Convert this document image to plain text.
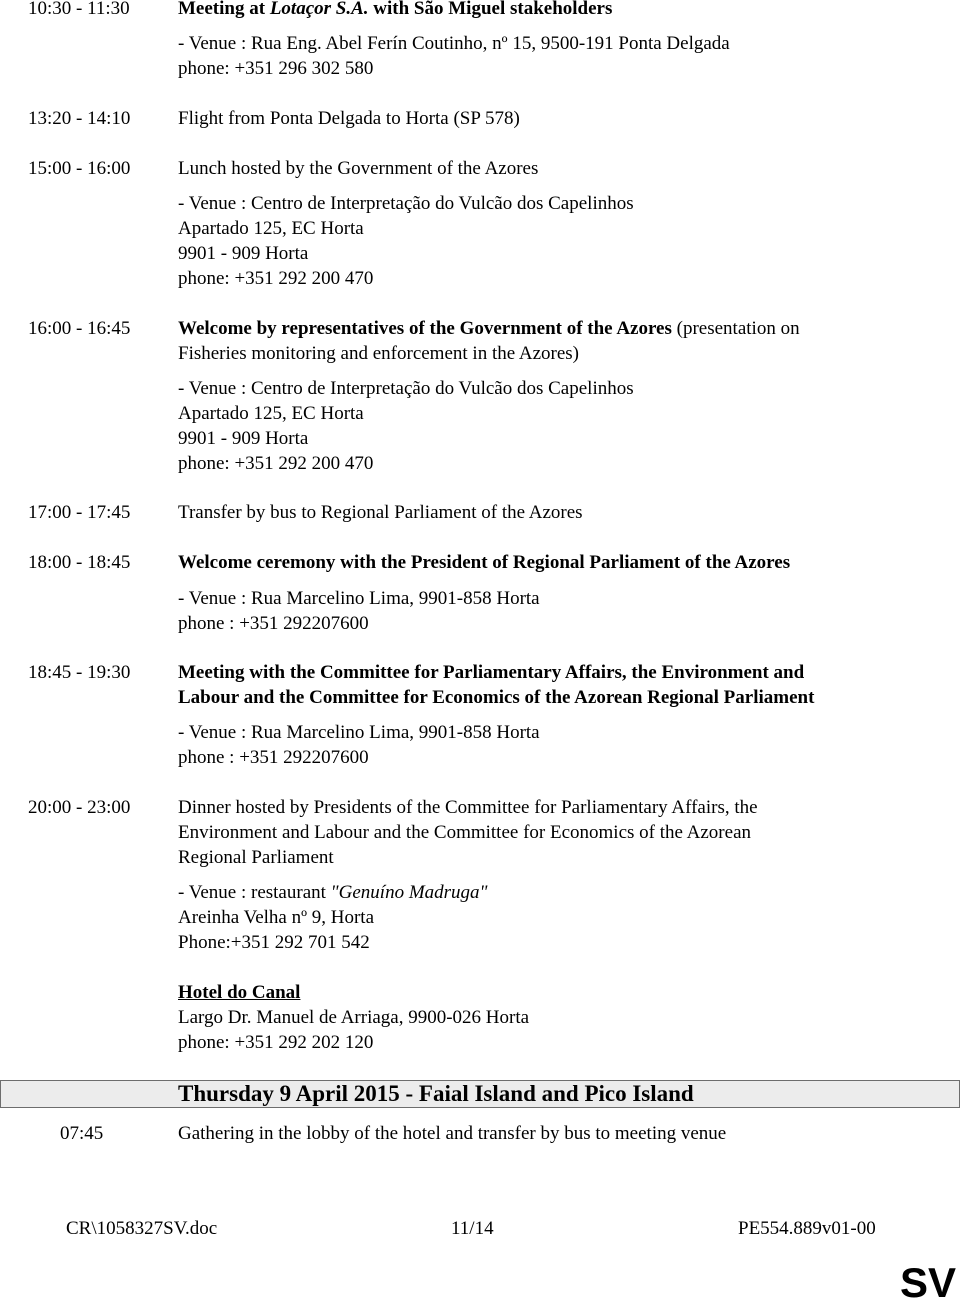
10:30 - 11:30	Meeting at Lotaçor S.A. with São Miguel stakeholders
- Venue : Rua Eng. Abel Ferín Coutinho, nº 15, 9500-191 Ponta Delgada
phone: +351 296 302 580
13:20 - 14:10	Flight from Ponta Delgada to Horta (SP 578)
15:00 - 16:00	Lunch hosted by the Government of the Azores
- Venue : Centro de Interpretação do Vulcão dos Capelinhos
Apartado 125, EC Horta
9901 - 909 Horta
phone: +351 292 200 470
16:00 - 16:45	Welcome by representatives of the Government of the Azores (presentation on
Fisheries monitoring and enforcement in the Azores)
- Venue : Centro de Interpretação do Vulcão dos Capelinhos
Apartado 125, EC Horta
9901 - 909 Horta
phone: +351 292 200 470
17:00 - 17:45	Transfer by bus to Regional Parliament of the Azores
18:00 - 18:45	Welcome ceremony with the President of Regional Parliament of the Azores
- Venue : Rua Marcelino Lima, 9901-858 Horta
phone : +351 292207600
18:45 - 19:30	Meeting with the Committee for Parliamentary Affairs, the Environment and
Labour and the Committee for Economics of the Azorean Regional Parliament
- Venue : Rua Marcelino Lima, 9901-858 Horta
phone : +351 292207600
20:00 - 23:00	Dinner hosted by Presidents of the Committee for Parliamentary Affairs, the
Environment and Labour and the Committee for Economics of the Azorean
Regional Parliament
- Venue : restaurant "Genuíno Madruga"
Areinha Velha nº 9, Horta
Phone:+351 292 701 542
Hotel do Canal
Largo Dr. Manuel de Arriaga, 9900-026 Horta
phone: +351 292 202 120
Thursday 9 April 2015 - Faial Island and Pico Island
07:45	Gathering in the lobby of the hotel and transfer by bus to meeting venue
CR\1058327SV.doc	11/14	PE554.889v01-00
SV
